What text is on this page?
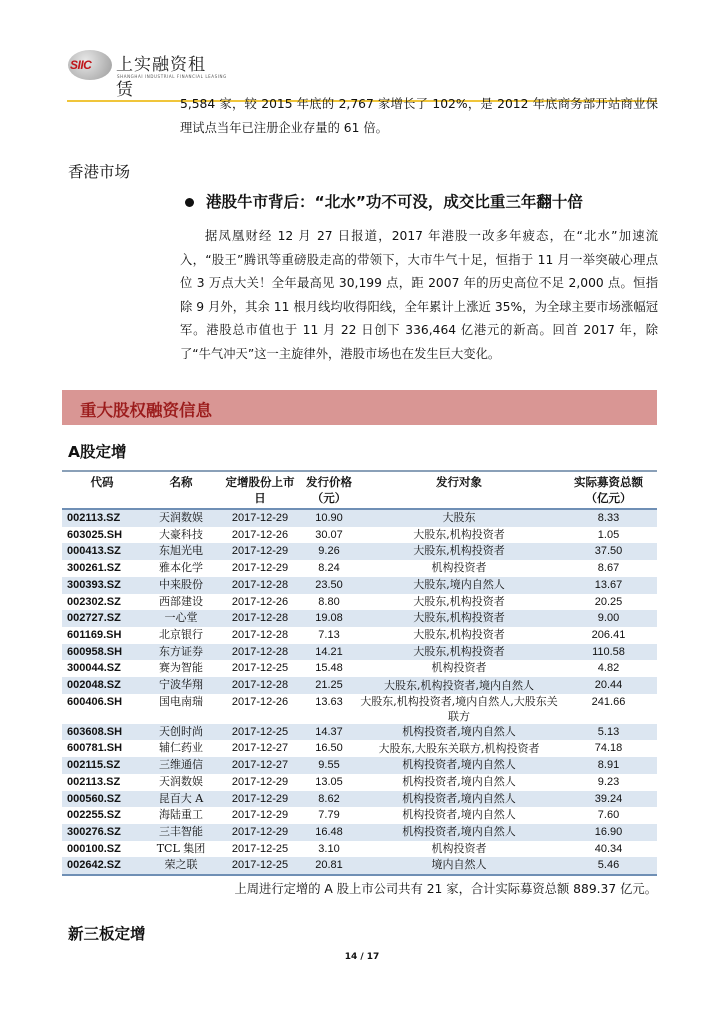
SIIC 上实融资租赁
SHANGHAI INDUSTRIAL FINANCIAL LEASING
5,584 家，较 2015 年底的 2,767 家增长了 102%，是 2012 年底商务部开站商业保理试点当年已注册企业存量的 61 倍。
香港市场
港股牛市背后：“北水”功不可没，成交比重三年翻十倍
据凤凰财经 12 月 27 日报道，2017 年港股一改多年疲态，在“北水”加速流入，“股王”腾讯等重磅股走高的带领下，大市牛气十足，恒指于 11 月一举突破心理点位 3 万点大关！全年最高见 30,199 点，距 2007 年的历史高位不足 2,000 点。恒指除 9 月外，其余 11 根月线均收得阳线，全年累计上涨近 35%，为全球主要市场涨幅冠军。港股总市值也于 11 月 22 日创下 336,464 亿港元的新高。回首 2017 年，除了“牛气冲天”这一主旋律外，港股市场也在发生巨大变化。
重大股权融资信息
A股定增
代码	名称	定增股份上市日	发行价格（元）	发行对象	实际募资总额（亿元）
002113.SZ	天润数娱	2017-12-29	10.90	大股东	8.33
603025.SH	大豪科技	2017-12-26	30.07	大股东,机构投资者	1.05
000413.SZ	东旭光电	2017-12-29	9.26	大股东,机构投资者	37.50
300261.SZ	雅本化学	2017-12-29	8.24	机构投资者	8.67
300393.SZ	中来股份	2017-12-28	23.50	大股东,境内自然人	13.67
002302.SZ	西部建设	2017-12-26	8.80	大股东,机构投资者	20.25
002727.SZ	一心堂	2017-12-28	19.08	大股东,机构投资者	9.00
601169.SH	北京银行	2017-12-28	7.13	大股东,机构投资者	206.41
600958.SH	东方证券	2017-12-28	14.21	大股东,机构投资者	110.58
300044.SZ	赛为智能	2017-12-25	15.48	机构投资者	4.82
002048.SZ	宁波华翔	2017-12-28	21.25	大股东,机构投资者,境内自然人	20.44
600406.SH	国电南瑞	2017-12-26	13.63	大股东,机构投资者,境内自然人,大股东关联方	241.66
603608.SH	天创时尚	2017-12-25	14.37	机构投资者,境内自然人	5.13
600781.SH	辅仁药业	2017-12-27	16.50	大股东,大股东关联方,机构投资者	74.18
002115.SZ	三维通信	2017-12-27	9.55	机构投资者,境内自然人	8.91
002113.SZ	天润数娱	2017-12-29	13.05	机构投资者,境内自然人	9.23
000560.SZ	昆百大 A	2017-12-29	8.62	机构投资者,境内自然人	39.24
002255.SZ	海陆重工	2017-12-29	7.79	机构投资者,境内自然人	7.60
300276.SZ	三丰智能	2017-12-29	16.48	机构投资者,境内自然人	16.90
000100.SZ	TCL 集团	2017-12-25	3.10	机构投资者	40.34
002642.SZ	荣之联	2017-12-25	20.81	境内自然人	5.46
上周进行定增的 A 股上市公司共有 21 家，合计实际募资总额 889.37 亿元。
新三板定增
14 / 17
